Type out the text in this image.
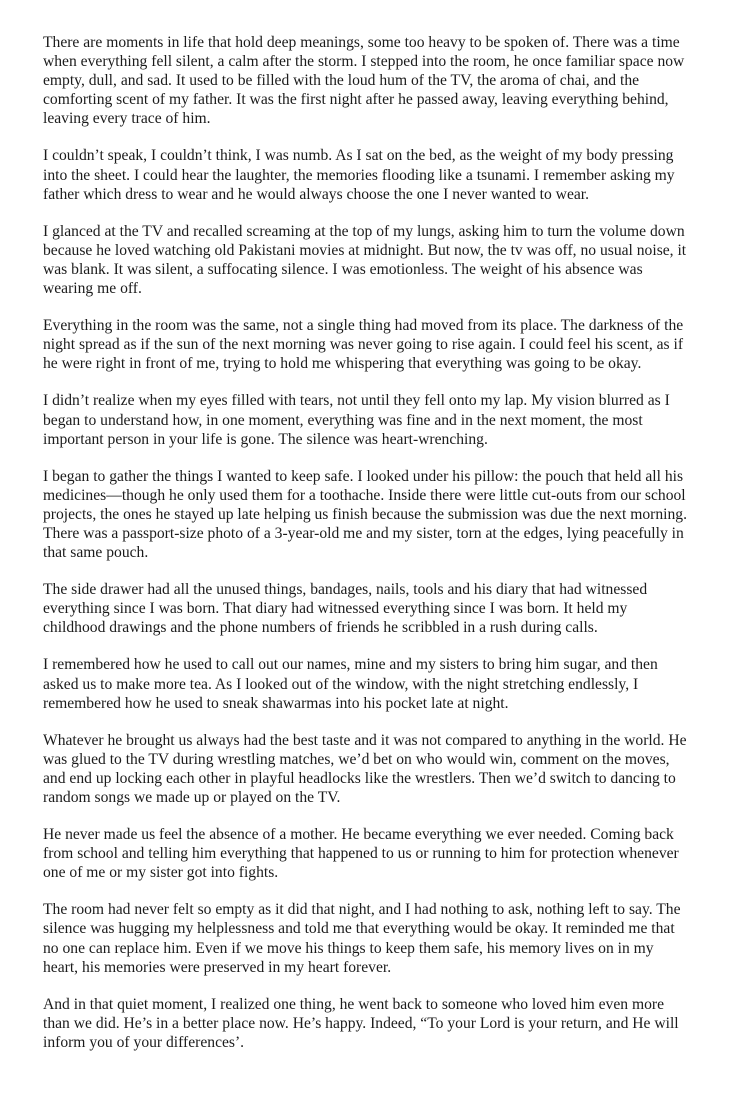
There are moments in life that hold deep meanings, some too heavy to be spoken of. There was a time when everything fell silent, a calm after the storm. I stepped into the room, he once familiar space now empty, dull, and sad. It used to be filled with the loud hum of the TV, the aroma of chai, and the comforting scent of my father. It was the first night after he passed away, leaving everything behind, leaving every trace of him.

I couldn’t speak, I couldn’t think, I was numb. As I sat on the bed, as the weight of my body pressing into the sheet. I could hear the laughter, the memories flooding like a tsunami. I remember asking my father which dress to wear and he would always choose the one I never wanted to wear.

I glanced at the TV and recalled screaming at the top of my lungs, asking him to turn the volume down because he loved watching old Pakistani movies at midnight. But now, the tv was off, no usual noise, it was blank. It was silent, a suffocating silence. I was emotionless. The weight of his absence was wearing me off.

Everything in the room was the same, not a single thing had moved from its place. The darkness of the night spread as if the sun of the next morning was never going to rise again. I could feel his scent, as if he were right in front of me, trying to hold me whispering that everything was going to be okay.

I didn’t realize when my eyes filled with tears, not until they fell onto my lap. My vision blurred as I began to understand how, in one moment, everything was fine and in the next moment, the most important person in your life is gone. The silence was heart-wrenching.

I began to gather the things I wanted to keep safe. I looked under his pillow: the pouch that held all his medicines—though he only used them for a toothache. Inside there were little cut-outs from our school projects, the ones he stayed up late helping us finish because the submission was due the next morning. There was a passport-size photo of a 3-year-old me and my sister, torn at the edges, lying peacefully in that same pouch.

The side drawer had all the unused things, bandages, nails, tools and his diary that had witnessed everything since I was born. That diary had witnessed everything since I was born. It held my childhood drawings and the phone numbers of friends he scribbled in a rush during calls.

I remembered how he used to call out our names, mine and my sisters to bring him sugar, and then asked us to make more tea. As I looked out of the window, with the night stretching endlessly, I remembered how he used to sneak shawarmas into his pocket late at night.

Whatever he brought us always had the best taste and it was not compared to anything in the world. He was glued to the TV during wrestling matches, we’d bet on who would win, comment on the moves, and end up locking each other in playful headlocks like the wrestlers. Then we’d switch to dancing to random songs we made up or played on the TV.

He never made us feel the absence of a mother. He became everything we ever needed. Coming back from school and telling him everything that happened to us or running to him for protection whenever one of me or my sister got into fights.

The room had never felt so empty as it did that night, and I had nothing to ask, nothing left to say. The silence was hugging my helplessness and told me that everything would be okay. It reminded me that no one can replace him. Even if we move his things to keep them safe, his memory lives on in my heart, his memories were preserved in my heart forever.

And in that quiet moment, I realized one thing, he went back to someone who loved him even more than we did. He’s in a better place now. He’s happy. Indeed, “To your Lord is your return, and He will inform you of your differences’.
